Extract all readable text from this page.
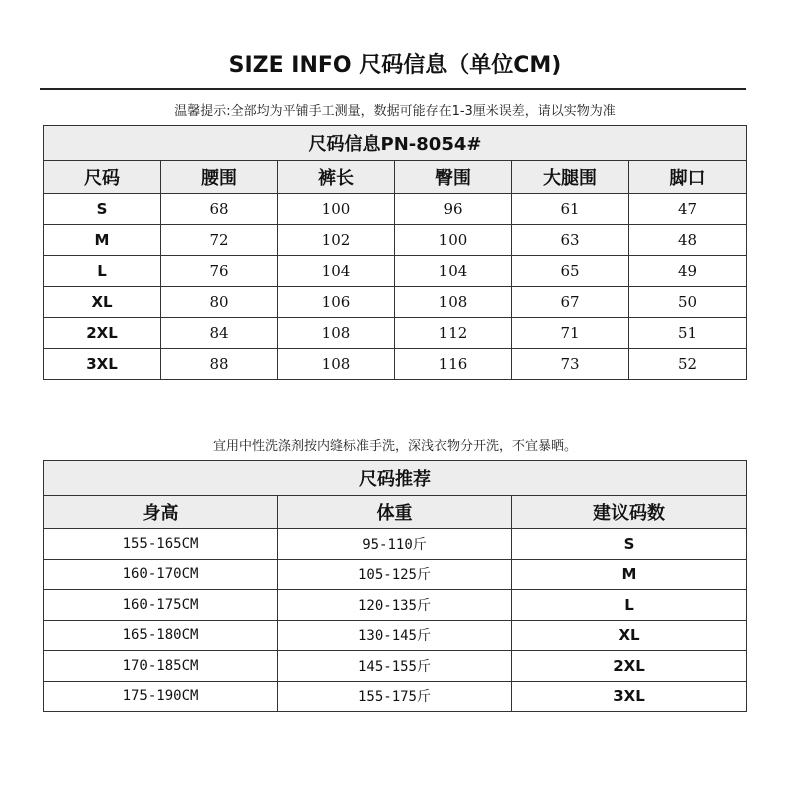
SIZE INFO 尺码信息（单位CM)
温馨提示:全部均为平铺手工测量，数据可能存在1-3厘米误差，请以实物为准
尺码信息PN-8054#					
尺码	腰围	裤长	臀围	大腿围	脚口
S	68	100	96	61	47
M	72	102	100	63	48
L	76	104	104	65	49
XL	80	106	108	67	50
2XL	84	108	112	71	51
3XL	88	108	116	73	52
宜用中性洗涤剂按内缝标准手洗，深浅衣物分开洗，不宜暴晒。
尺码推荐		
身高	体重	建议码数
155-165CM	95-110斤	S
160-170CM	105-125斤	M
160-175CM	120-135斤	L
165-180CM	130-145斤	XL
170-185CM	145-155斤	2XL
175-190CM	155-175斤	3XL
